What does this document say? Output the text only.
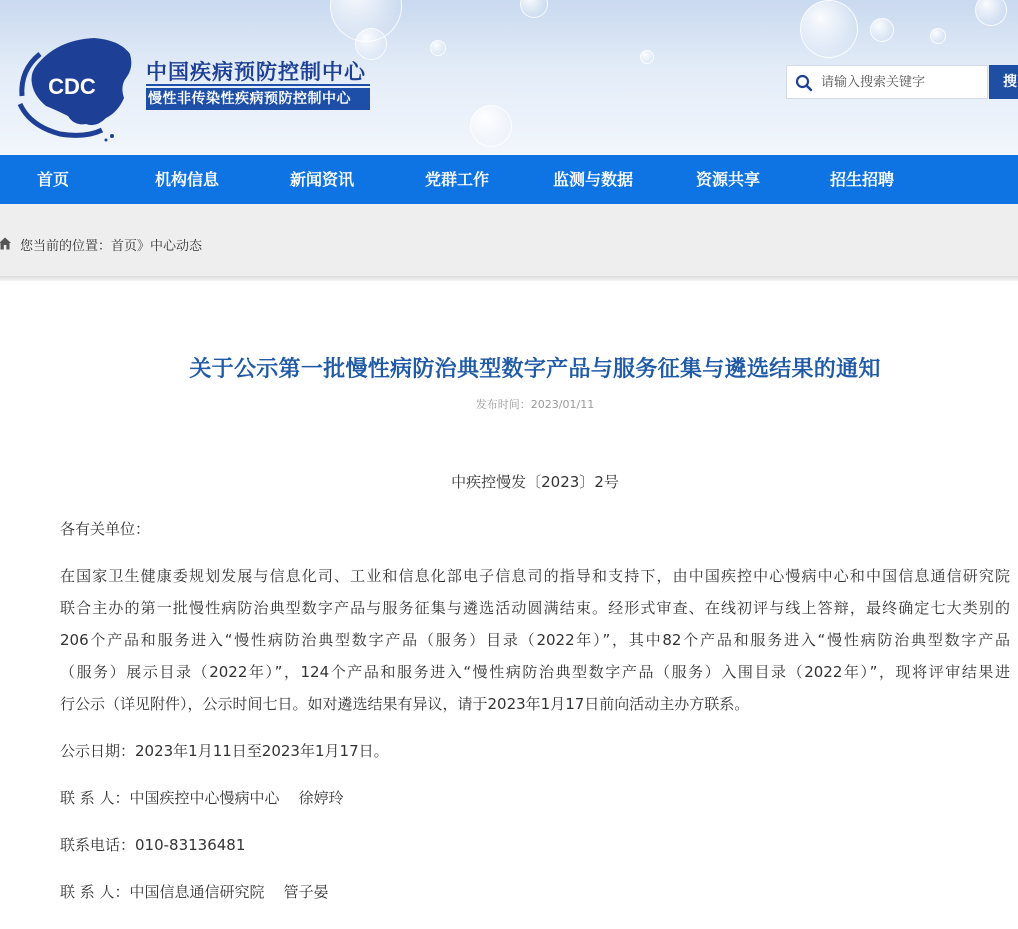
CDC
中国疾病预防控制中心
慢性非传染性疾病预防控制中心
请输入搜索关键字
搜
首页	机构信息	新闻资讯	党群工作	监测与数据	资源共享	招生招聘
您当前的位置：首页》中心动态
关于公示第一批慢性病防治典型数字产品与服务征集与遴选结果的通知
发布时间：2023/01/11
中疾控慢发〔2023〕2号
各有关单位：
在国家卫生健康委规划发展与信息化司、工业和信息化部电子信息司的指导和支持下，由中国疾控中心慢病中心和中国信息通信研究院
联合主办的第一批慢性病防治典型数字产品与服务征集与遴选活动圆满结束。经形式审查、在线初评与线上答辩，最终确定七大类别的
206个产品和服务进入“慢性病防治典型数字产品（服务）目录（2022年）”，其中82个产品和服务进入“慢性病防治典型数字产品
（服务）展示目录（2022年）”，124个产品和服务进入“慢性病防治典型数字产品（服务）入围目录（2022年）”，现将评审结果进
行公示（详见附件），公示时间七日。如对遴选结果有异议，请于2023年1月17日前向活动主办方联系。
公示日期：2023年1月11日至2023年1月17日。
联 系 人：中国疾控中心慢病中心    徐婷玲
联系电话：010-83136481
联 系 人：中国信息通信研究院    管子晏
